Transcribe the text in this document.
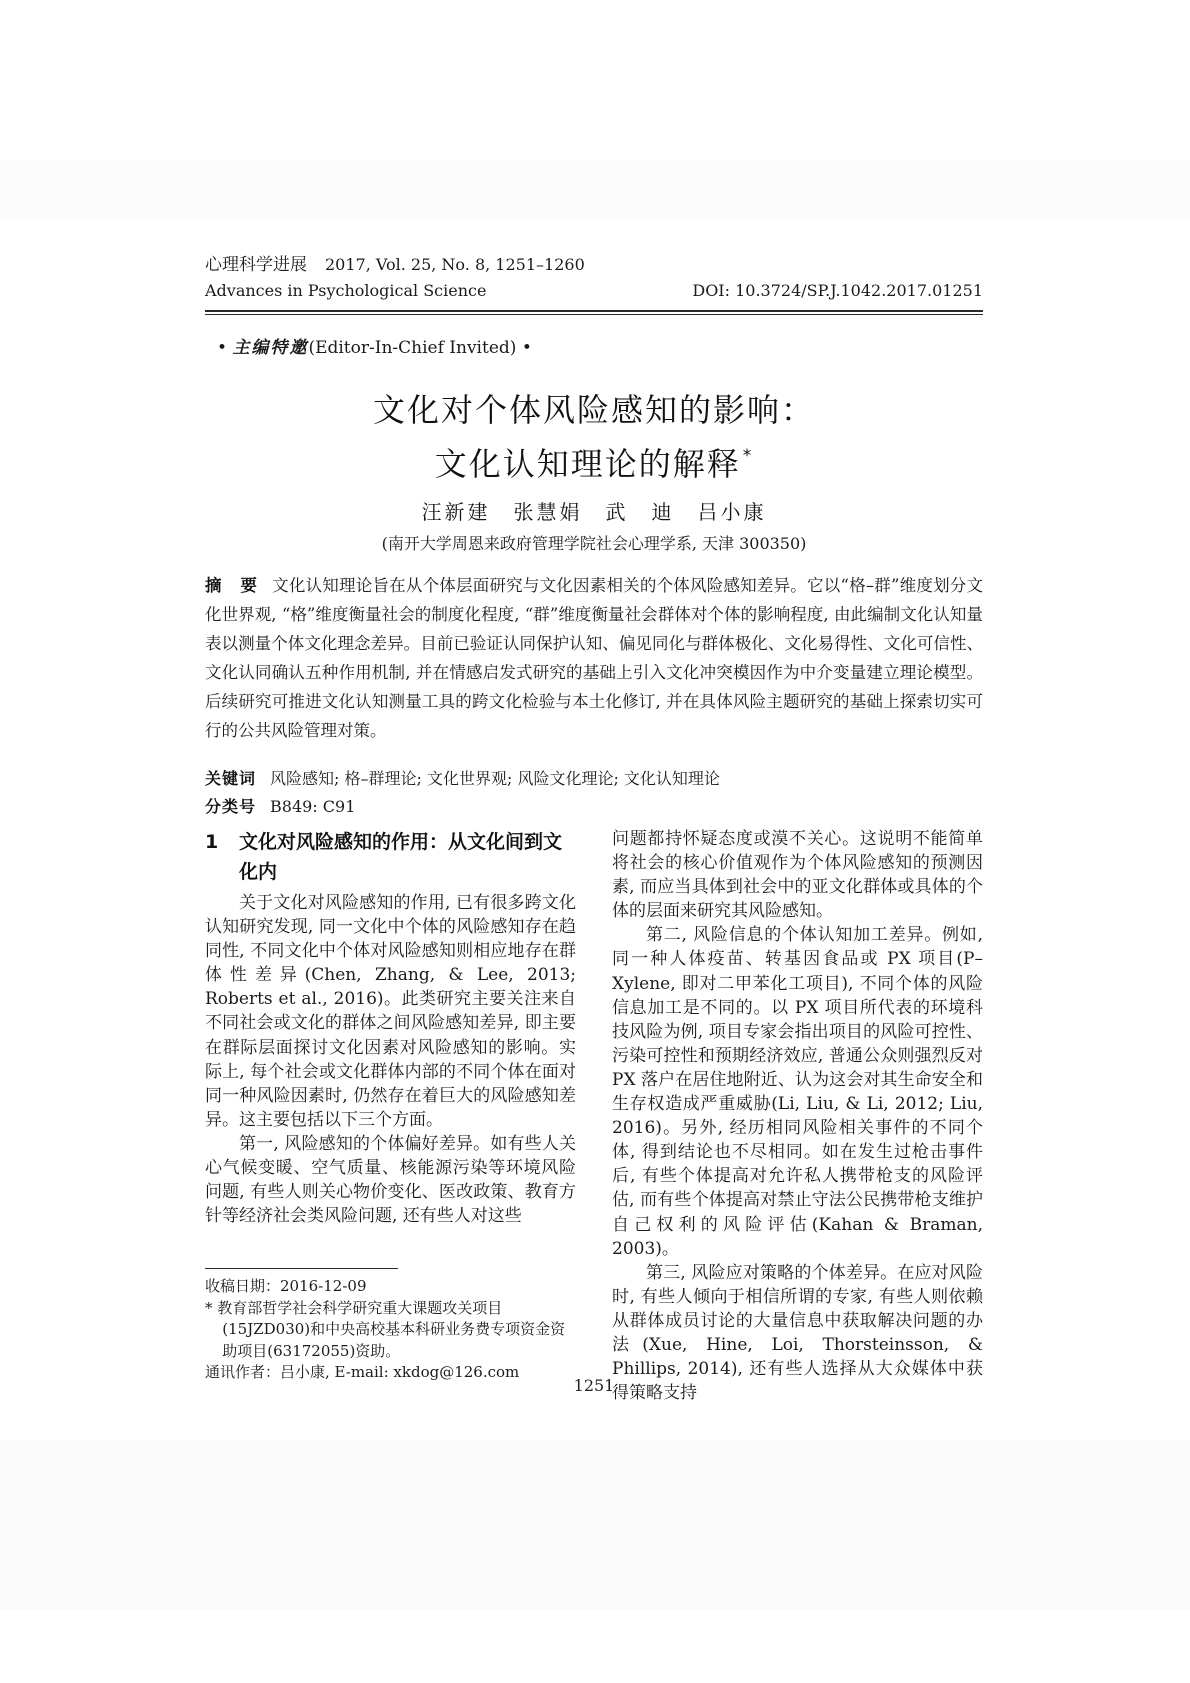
心理科学进展 2017, Vol. 25, No. 8, 1251–1260
Advances in Psychological Science	DOI: 10.3724/SP.J.1042.2017.01251
• 主编特邀(Editor-In-Chief Invited) •
文化对个体风险感知的影响：
文化认知理论的解释 *
汪新建　张慧娟　武　迪　吕小康
(南开大学周恩来政府管理学院社会心理学系, 天津 300350)

摘　要 文化认知理论旨在从个体层面研究与文化因素相关的个体风险感知差异。它以“格–群”维度划分文化世界观, “格”维度衡量社会的制度化程度, “群”维度衡量社会群体对个体的影响程度, 由此编制文化认知量表以测量个体文化理念差异。目前已验证认同保护认知、偏见同化与群体极化、文化易得性、文化可信性、文化认同确认五种作用机制, 并在情感启发式研究的基础上引入文化冲突模因作为中介变量建立理论模型。后续研究可推进文化认知测量工具的跨文化检验与本土化修订, 并在具体风险主题研究的基础上探索切实可行的公共风险管理对策。

关键词 风险感知; 格–群理论; 文化世界观; 风险文化理论; 文化认知理论

分类号 B849: C91

1	文化对风险感知的作用：从文化间到文化内

关于文化对风险感知的作用, 已有很多跨文化认知研究发现, 同一文化中个体的风险感知存在趋同性, 不同文化中个体对风险感知则相应地存在群体性差异(Chen, Zhang, & Lee, 2013; Roberts et al., 2016)。此类研究主要关注来自不同社会或文化的群体之间风险感知差异, 即主要在群际层面探讨文化因素对风险感知的影响。实际上, 每个社会或文化群体内部的不同个体在面对同一种风险因素时, 仍然存在着巨大的风险感知差异。这主要包括以下三个方面。

第一, 风险感知的个体偏好差异。如有些人关心气候变暖、空气质量、核能源污染等环境风险问题, 有些人则关心物价变化、医改政策、教育方针等经济社会类风险问题, 还有些人对这些

收稿日期：2016-12-09

* 教育部哲学社会科学研究重大课题攻关项目(15JZD030)和中央高校基本科研业务费专项资金资助项目(63172055)资助。

通讯作者：吕小康, E-mail: xkdog@126.com

问题都持怀疑态度或漠不关心。这说明不能简单将社会的核心价值观作为个体风险感知的预测因素, 而应当具体到社会中的亚文化群体或具体的个体的层面来研究其风险感知。

第二, 风险信息的个体认知加工差异。例如, 同一种人体疫苗、转基因食品或 PX 项目(P–Xylene, 即对二甲苯化工项目), 不同个体的风险信息加工是不同的。以 PX 项目所代表的环境科技风险为例, 项目专家会指出项目的风险可控性、污染可控性和预期经济效应, 普通公众则强烈反对 PX 落户在居住地附近、认为这会对其生命安全和生存权造成严重威胁(Li, Liu, & Li, 2012; Liu, 2016)。另外, 经历相同风险相关事件的不同个体, 得到结论也不尽相同。如在发生过枪击事件后, 有些个体提高对允许私人携带枪支的风险评估, 而有些个体提高对禁止守法公民携带枪支维护自己权利的风险评估(Kahan & Braman, 2003)。

第三, 风险应对策略的个体差异。在应对风险时, 有些人倾向于相信所谓的专家, 有些人则依赖从群体成员讨论的大量信息中获取解决问题的办法(Xue, Hine, Loi, Thorsteinsson, & Phillips, 2014), 还有些人选择从大众媒体中获得策略支持

1251
